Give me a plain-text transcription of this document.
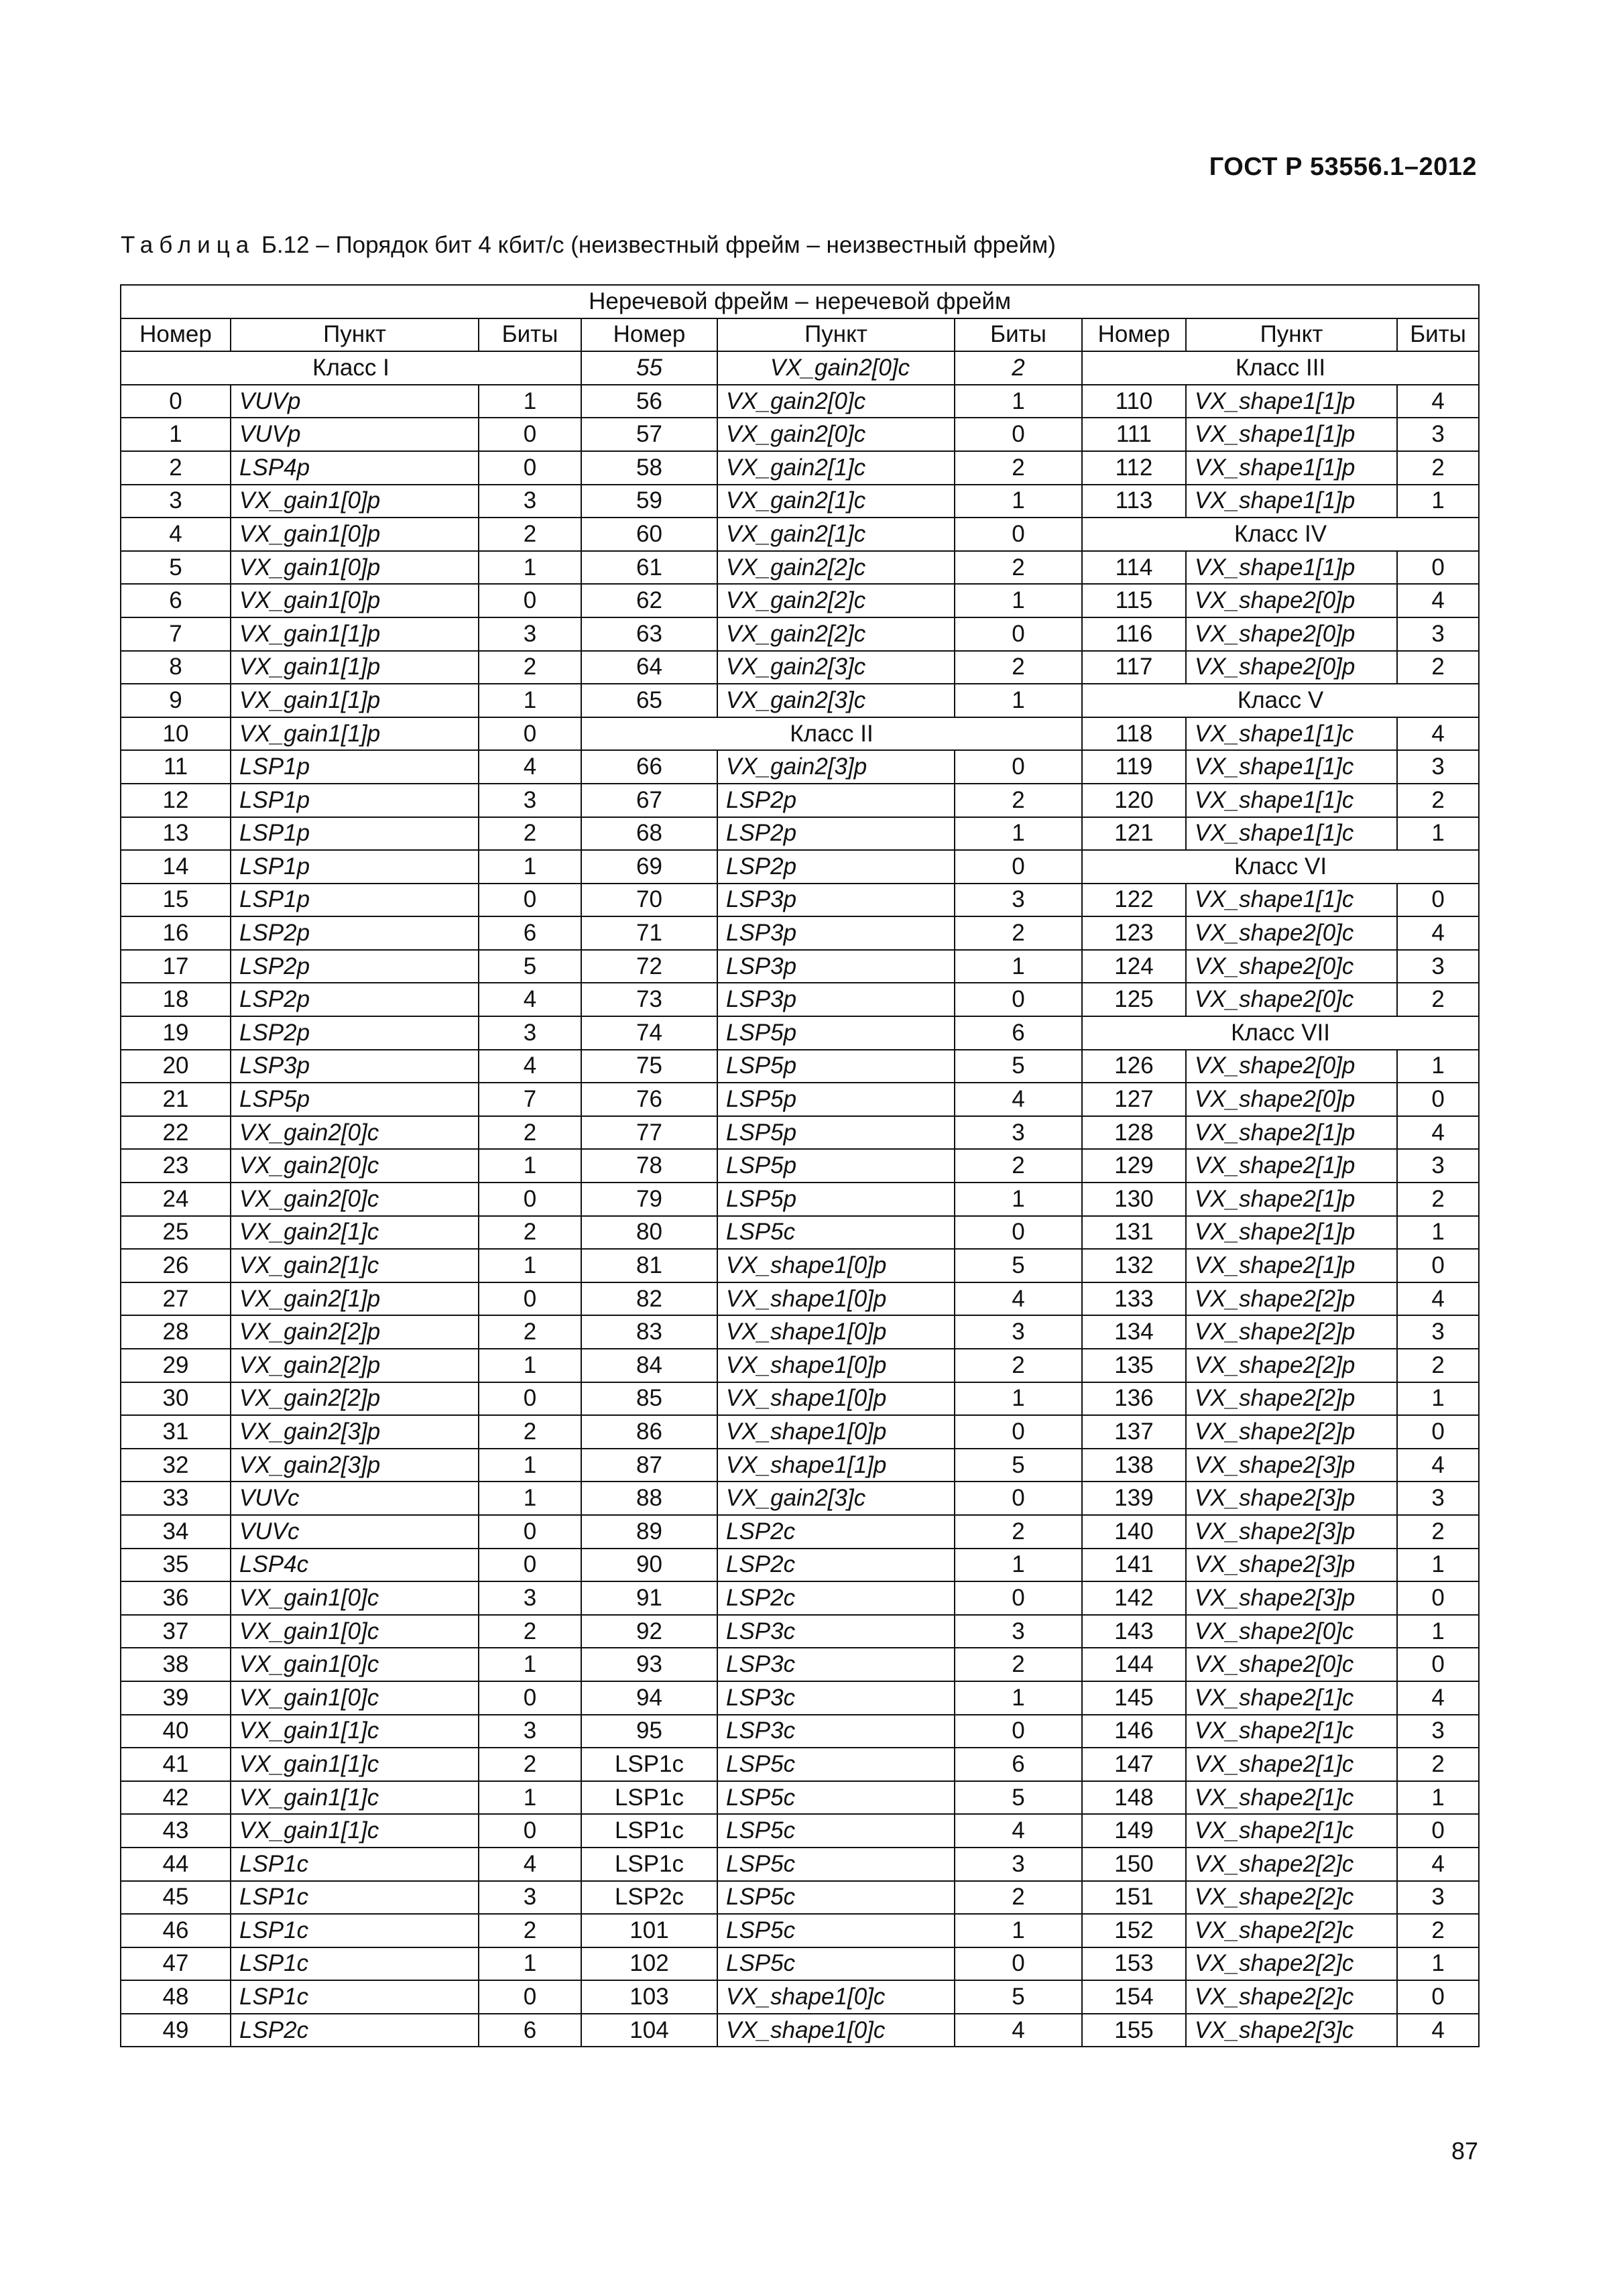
ГОСТ Р 53556.1–2012
Таблица Б.12 – Порядок бит 4 кбит/с (неизвестный фрейм – неизвестный фрейм)
Неречевой фрейм – неречевой фрейм								
Номер	Пункт	Биты	Номер	Пункт	Биты	Номер	Пункт	Биты
Класс I			55	VX_gain2[0]c	2	Класс III		
0	VUVp	1	56	VX_gain2[0]c	1	110	VX_shape1[1]p	4
1	VUVp	0	57	VX_gain2[0]c	0	111	VX_shape1[1]p	3
2	LSP4p	0	58	VX_gain2[1]c	2	112	VX_shape1[1]p	2
3	VX_gain1[0]p	3	59	VX_gain2[1]c	1	113	VX_shape1[1]p	1
4	VX_gain1[0]p	2	60	VX_gain2[1]c	0	Класс IV		
5	VX_gain1[0]p	1	61	VX_gain2[2]c	2	114	VX_shape1[1]p	0
6	VX_gain1[0]p	0	62	VX_gain2[2]c	1	115	VX_shape2[0]p	4
7	VX_gain1[1]p	3	63	VX_gain2[2]c	0	116	VX_shape2[0]p	3
8	VX_gain1[1]p	2	64	VX_gain2[3]c	2	117	VX_shape2[0]p	2
9	VX_gain1[1]p	1	65	VX_gain2[3]c	1	Класс V		
10	VX_gain1[1]p	0	Класс II			118	VX_shape1[1]c	4
11	LSP1p	4	66	VX_gain2[3]p	0	119	VX_shape1[1]c	3
12	LSP1p	3	67	LSP2p	2	120	VX_shape1[1]c	2
13	LSP1p	2	68	LSP2p	1	121	VX_shape1[1]c	1
14	LSP1p	1	69	LSP2p	0	Класс VI		
15	LSP1p	0	70	LSP3p	3	122	VX_shape1[1]c	0
16	LSP2p	6	71	LSP3p	2	123	VX_shape2[0]c	4
17	LSP2p	5	72	LSP3p	1	124	VX_shape2[0]c	3
18	LSP2p	4	73	LSP3p	0	125	VX_shape2[0]c	2
19	LSP2p	3	74	LSP5p	6	Класс VII		
20	LSP3p	4	75	LSP5p	5	126	VX_shape2[0]p	1
21	LSP5p	7	76	LSP5p	4	127	VX_shape2[0]p	0
22	VX_gain2[0]c	2	77	LSP5p	3	128	VX_shape2[1]p	4
23	VX_gain2[0]c	1	78	LSP5p	2	129	VX_shape2[1]p	3
24	VX_gain2[0]c	0	79	LSP5p	1	130	VX_shape2[1]p	2
25	VX_gain2[1]c	2	80	LSP5c	0	131	VX_shape2[1]p	1
26	VX_gain2[1]c	1	81	VX_shape1[0]p	5	132	VX_shape2[1]p	0
27	VX_gain2[1]p	0	82	VX_shape1[0]p	4	133	VX_shape2[2]p	4
28	VX_gain2[2]p	2	83	VX_shape1[0]p	3	134	VX_shape2[2]p	3
29	VX_gain2[2]p	1	84	VX_shape1[0]p	2	135	VX_shape2[2]p	2
30	VX_gain2[2]p	0	85	VX_shape1[0]p	1	136	VX_shape2[2]p	1
31	VX_gain2[3]p	2	86	VX_shape1[0]p	0	137	VX_shape2[2]p	0
32	VX_gain2[3]p	1	87	VX_shape1[1]p	5	138	VX_shape2[3]p	4
33	VUVc	1	88	VX_gain2[3]c	0	139	VX_shape2[3]p	3
34	VUVc	0	89	LSP2c	2	140	VX_shape2[3]p	2
35	LSP4c	0	90	LSP2c	1	141	VX_shape2[3]p	1
36	VX_gain1[0]c	3	91	LSP2c	0	142	VX_shape2[3]p	0
37	VX_gain1[0]c	2	92	LSP3c	3	143	VX_shape2[0]c	1
38	VX_gain1[0]c	1	93	LSP3c	2	144	VX_shape2[0]c	0
39	VX_gain1[0]c	0	94	LSP3c	1	145	VX_shape2[1]c	4
40	VX_gain1[1]c	3	95	LSP3c	0	146	VX_shape2[1]c	3
41	VX_gain1[1]c	2	LSP1c	LSP5c	6	147	VX_shape2[1]c	2
42	VX_gain1[1]c	1	LSP1c	LSP5c	5	148	VX_shape2[1]c	1
43	VX_gain1[1]c	0	LSP1c	LSP5c	4	149	VX_shape2[1]c	0
44	LSP1c	4	LSP1c	LSP5c	3	150	VX_shape2[2]c	4
45	LSP1c	3	LSP2c	LSP5c	2	151	VX_shape2[2]c	3
46	LSP1c	2	101	LSP5c	1	152	VX_shape2[2]c	2
47	LSP1c	1	102	LSP5c	0	153	VX_shape2[2]c	1
48	LSP1c	0	103	VX_shape1[0]c	5	154	VX_shape2[2]c	0
49	LSP2c	6	104	VX_shape1[0]c	4	155	VX_shape2[3]c	4
87
